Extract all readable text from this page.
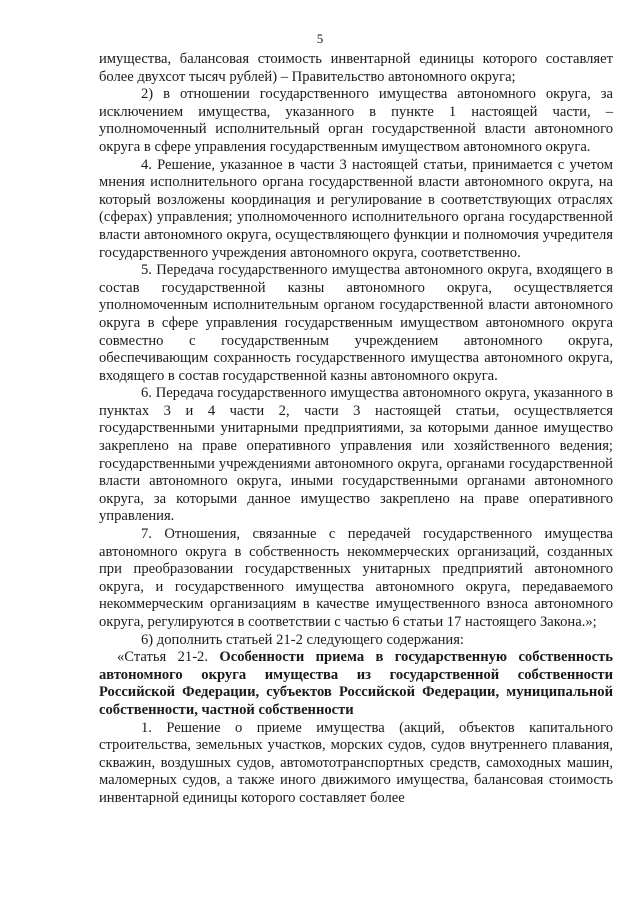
5

имущества, балансовая стоимость инвентарной единицы которого составляет более двухсот тысяч рублей) – Правительство автономного округа;

2) в отношении государственного имущества автономного округа, за исключением имущества, указанного в пункте 1 настоящей части, – уполномоченный исполнительный орган государственной власти автономного округа в сфере управления государственным имуществом автономного округа.

4. Решение, указанное в части 3 настоящей статьи, принимается с учетом мнения исполнительного органа государственной власти автономного округа, на который возложены координация и регулирование в соответствующих отраслях (сферах) управления; уполномоченного исполнительного органа государственной власти автономного округа, осуществляющего функции и полномочия учредителя государственного учреждения автономного округа, соответственно.

5. Передача государственного имущества автономного округа, входящего в состав государственной казны автономного округа, осуществляется уполномоченным исполнительным органом государственной власти автономного округа в сфере управления государственным имуществом автономного округа совместно с государственным учреждением автономного округа, обеспечивающим сохранность государственного имущества автономного округа, входящего в состав государственной казны автономного округа.

6. Передача государственного имущества автономного округа, указанного в пунктах 3 и 4 части 2, части 3 настоящей статьи, осуществляется государственными унитарными предприятиями, за которыми данное имущество закреплено на праве оперативного управления или хозяйственного ведения; государственными учреждениями автономного округа, органами государственной власти автономного округа, иными государственными органами автономного округа, за которыми данное имущество закреплено на праве оперативного управления.

7. Отношения, связанные с передачей государственного имущества автономного округа в собственность некоммерческих организаций, созданных при преобразовании государственных унитарных предприятий автономного округа, и государственного имущества автономного округа, передаваемого некоммерческим организациям в качестве имущественного взноса автономного округа, регулируются в соответствии с частью 6 статьи 17 настоящего Закона.»;

6) дополнить статьей 21-2 следующего содержания:

«Статья 21-2. Особенности приема в государственную собственность автономного округа имущества из государственной собственности Российской Федерации, субъектов Российской Федерации, муниципальной собственности, частной собственности

1. Решение о приеме имущества (акций, объектов капитального строительства, земельных участков, морских судов, судов внутреннего плавания, скважин, воздушных судов, автомототранспортных средств, самоходных машин, маломерных судов, а также иного движимого имущества, балансовая стоимость инвентарной единицы которого составляет более
